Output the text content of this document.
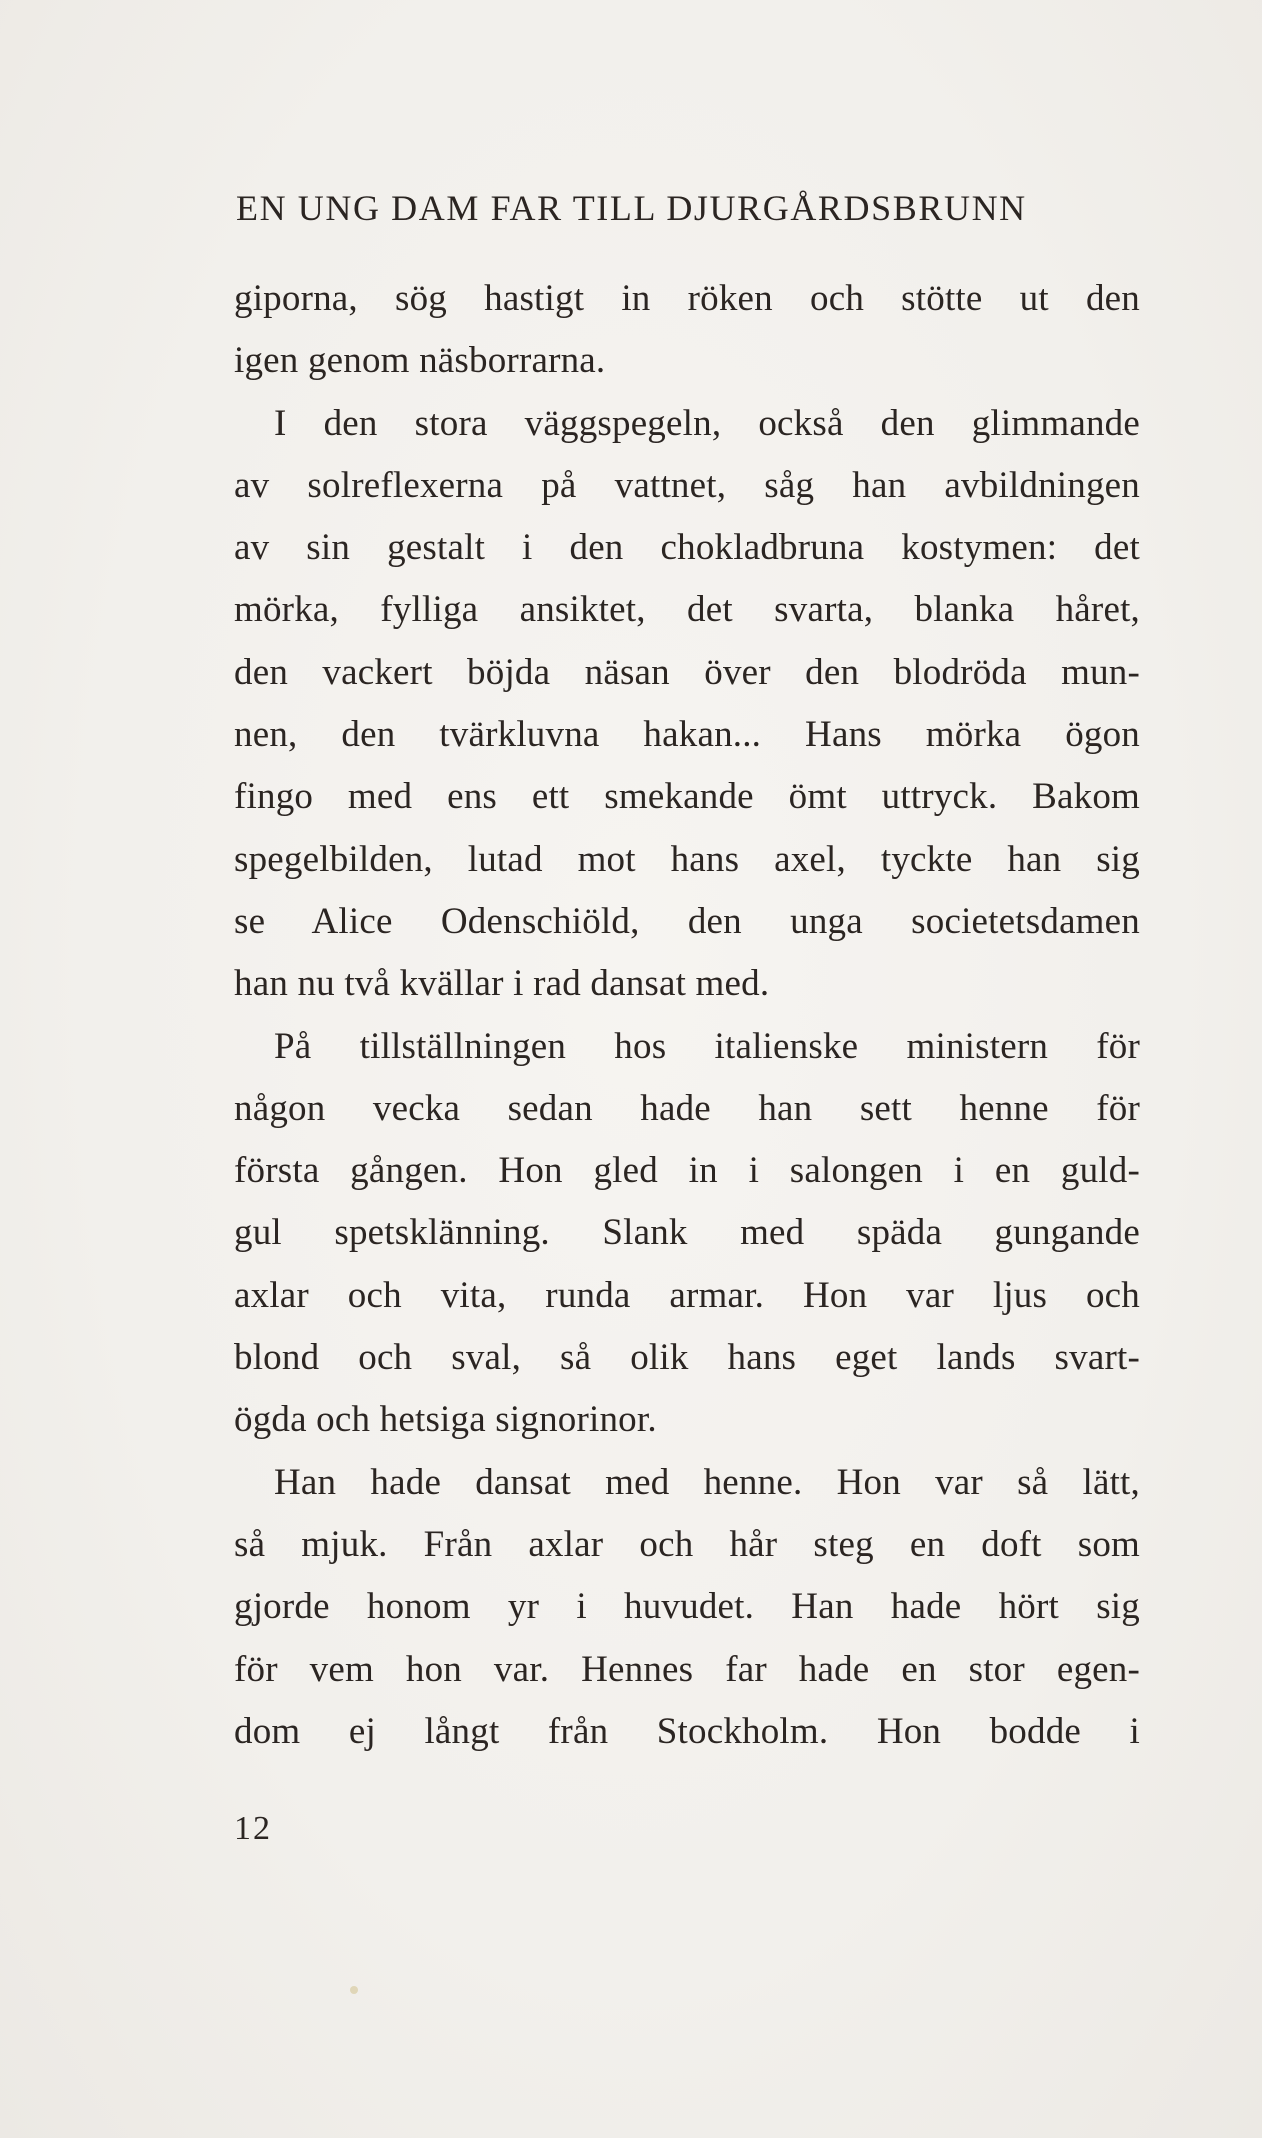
EN UNG DAM FAR TILL DJURGÅRDSBRUNN
giporna, sög hastigt in röken och stötte ut den
igen genom näsborrarna.
I den stora väggspegeln, också den glimmande
av solreflexerna på vattnet, såg han avbildningen
av sin gestalt i den chokladbruna kostymen: det
mörka, fylliga ansiktet, det svarta, blanka håret,
den vackert böjda näsan över den blodröda mun-
nen, den tvärkluvna hakan... Hans mörka ögon
fingo med ens ett smekande ömt uttryck. Bakom
spegelbilden, lutad mot hans axel, tyckte han sig
se Alice Odenschiöld, den unga societetsdamen
han nu två kvällar i rad dansat med.
På tillställningen hos italienske ministern för
någon vecka sedan hade han sett henne för
första gången. Hon gled in i salongen i en guld-
gul spetsklänning. Slank med späda gungande
axlar och vita, runda armar. Hon var ljus och
blond och sval, så olik hans eget lands svart-
ögda och hetsiga signorinor.
Han hade dansat med henne. Hon var så lätt,
så mjuk. Från axlar och hår steg en doft som
gjorde honom yr i huvudet. Han hade hört sig
för vem hon var. Hennes far hade en stor egen-
dom ej långt från Stockholm. Hon bodde i
12
